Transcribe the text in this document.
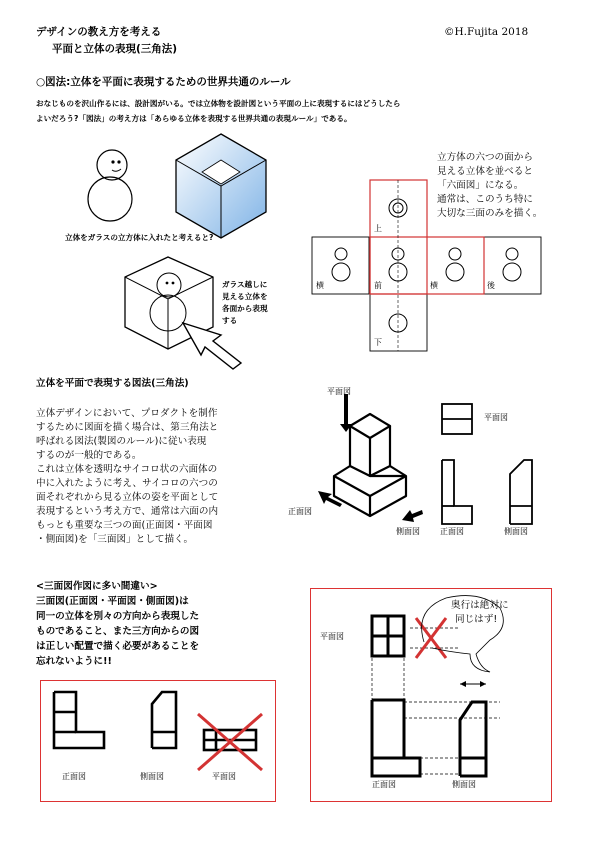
デザインの教え方を考える
平面と立体の表現(三角法)
©H.Fujita 2018
○図法:立体を平面に表現するための世界共通のルール
おなじものを沢山作るには、設計図がいる。では立体物を設計図という平面の上に表現するにはどうしたら
よいだろう?「図法」の考え方は「あらゆる立体を表現する世界共通の表現ルール」である。
立体をガラスの立方体に入れたと考えると?
ガラス越しに
見える立体を
各面から表現
する
立方体の六つの面から
見える立体を並べると
「六面図」になる。
通常は、このうち特に
大切な三面のみを描く。
上
横	前	横	後
下
立体を平面で表現する図法(三角法)
立体デザインにおいて、プロダクトを制作
するために図面を描く場合は、第三角法と
呼ばれる図法(製図のルール)に従い表現
するのが一般的である。
これは立体を透明なサイコロ状の六面体の
中に入れたように考え、サイコロの六つの
面それぞれから見る立体の姿を平面として
表現するという考え方で、通常は六面の内
もっとも重要な三つの面(正面図・平面図
・側面図)を「三面図」として描く。
平面図
正面図
側面図
平面図
正面図	側面図
<三面図作図に多い間違い>
三面図(正面図・平面図・側面図)は
同一の立体を別々の方向から表現した
ものであること、また三方向からの図
は正しい配置で描く必要があることを
忘れないように!!
正面図	側面図	平面図
平面図
正面図	側面図
奥行は絶対に
同じはず!
